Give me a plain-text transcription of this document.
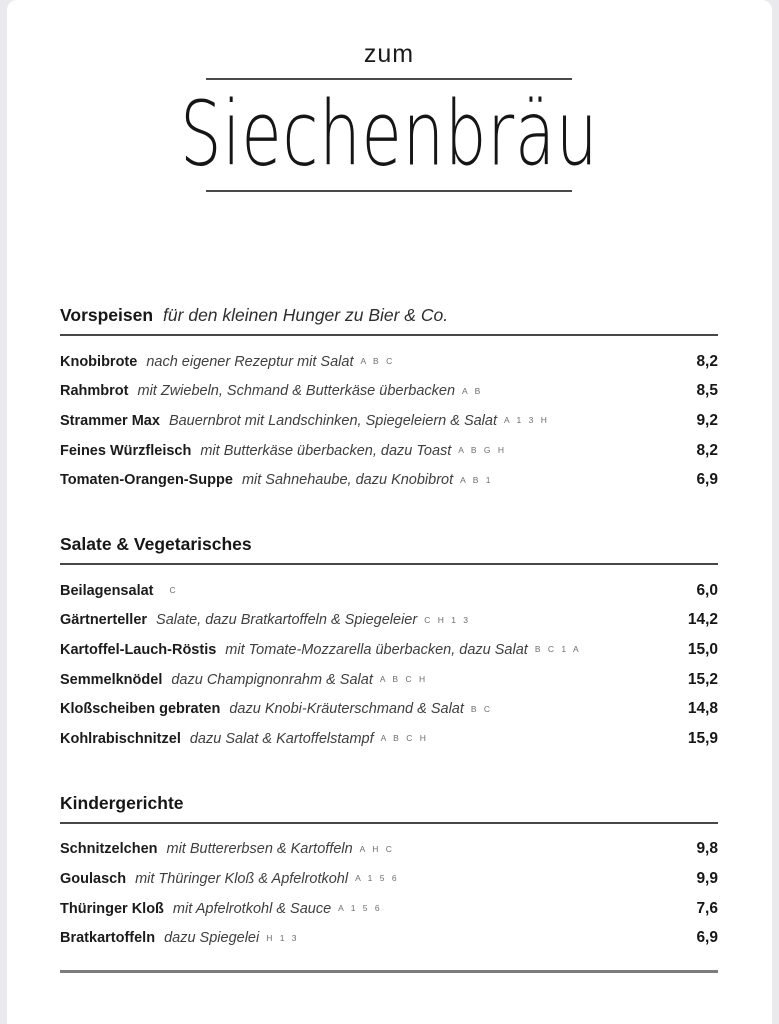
zum
Siechenbräu
Vorspeisen für den kleinen Hunger zu Bier & Co.
Knobibrote nach eigener Rezeptur mit Salat A B C	8,2
Rahmbrot mit Zwiebeln, Schmand & Butterkäse überbacken A B	8,5
Strammer Max Bauernbrot mit Landschinken, Spiegeleiern & Salat A 1 3 H	9,2
Feines Würzfleisch mit Butterkäse überbacken, dazu Toast A B G H	8,2
Tomaten-Orangen-Suppe mit Sahnehaube, dazu Knobibrot A B 1	6,9
Salate & Vegetarisches
Beilagensalat C	6,0
Gärtnerteller Salate, dazu Bratkartoffeln & Spiegeleier C H 1 3	14,2
Kartoffel-Lauch-Röstis mit Tomate-Mozzarella überbacken, dazu Salat B C 1 A	15,0
Semmelknödel dazu Champignonrahm & Salat A B C H	15,2
Kloßscheiben gebraten dazu Knobi-Kräuterschmand & Salat B C	14,8
Kohlrabischnitzel dazu Salat & Kartoffelstampf A B C H	15,9
Kindergerichte
Schnitzelchen mit Buttererbsen & Kartoffeln A H C	9,8
Goulasch mit Thüringer Kloß & Apfelrotkohl A 1 5 6	9,9
Thüringer Kloß mit Apfelrotkohl & Sauce A 1 5 6	7,6
Bratkartoffeln dazu Spiegelei H 1 3	6,9
